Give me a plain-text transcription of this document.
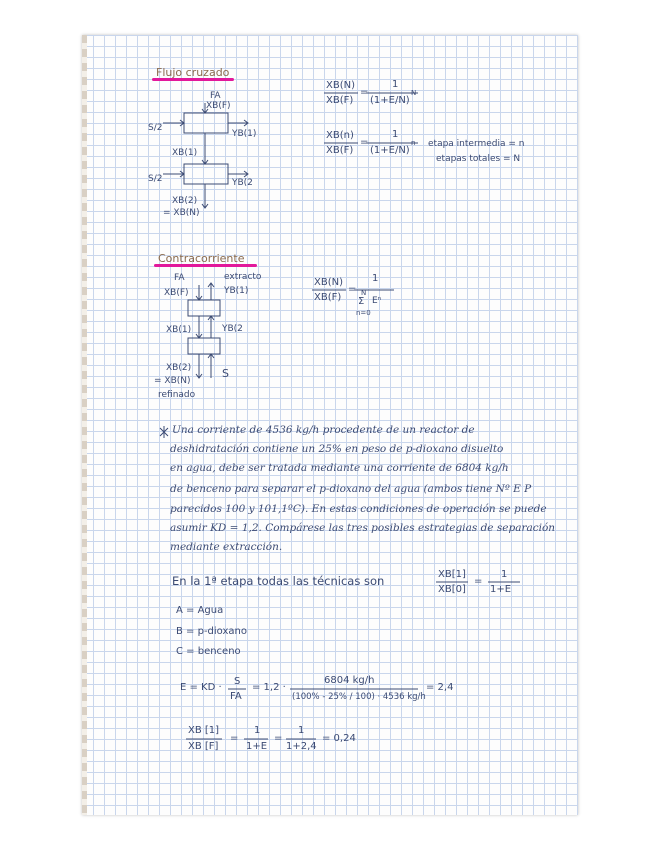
Flujo cruzado
FA
XB(F)
S/2
YB(1)
XB(1)
S/2	YB(2
XB(2)
= XB(N)
XB(N)
XB(F)
=
1
(1+E/N)
N
XB(n)
XB(F)
=
1
(1+E/N)
n etapa intermedia = n
etapas totales = N
Contracorriente
FA	extracto
XB(F)	YB(1)
XB(1)	YB(2
XB(2)	S
= XB(N)
refinado
XB(N)
XB(F)
=
1
N
Σ Eⁿ
n=0
Una corriente de 4536 kg/h procedente de un reactor de
deshidratación contiene un 25% en peso de p-dioxano disuelto
en agua, debe ser tratada mediante una corriente de 6804 kg/h
de benceno para separar el p-dioxano del agua (ambos tiene Nº E P
parecidos 100 y 101,1ºC). En estas condiciones de operación se puede
asumir KD = 1,2. Compárese las tres posibles estrategias de separación
mediante extracción.
En la 1ª etapa todas las técnicas son	XB[1]
XB[0]
=
1
1+E
A = Agua
B = p-dioxano
C = benceno
E = KD ·
S
FA
= 1,2 ·
6804 kg/h
(100% - 25% / 100) · 4536 kg/h
= 2,4
XB [1]
XB [F]
=
1
1+E
=
1
1+2,4
= 0,24
